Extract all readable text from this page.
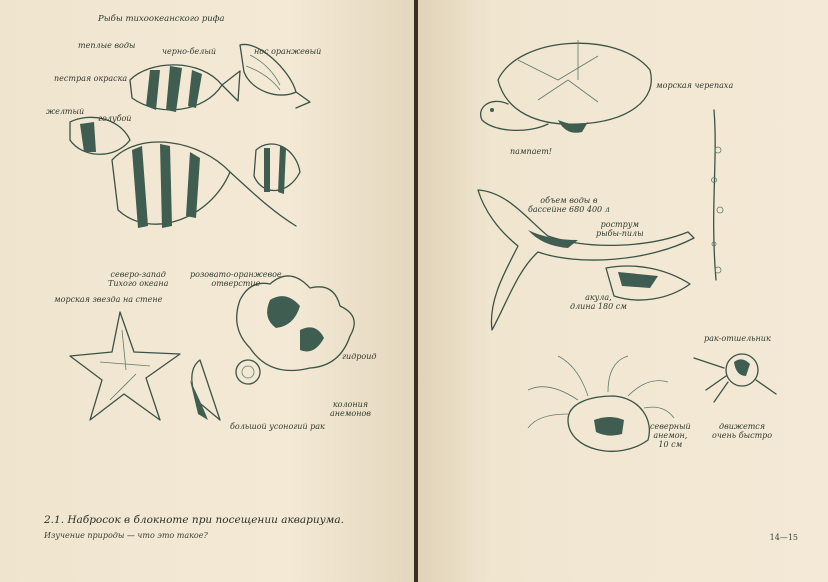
Рыбы тихоокеанского рифа
теплые воды
черно-белый	нос оранжевый
пестрая окраска
желтый
голубой
северо-запад
Тихого океана
розовато-оранжевое
отверстие
морская звезда на стене
гидроид
колония
анемонов
большой усоногий рак
2.1. Набросок в блокноте при посещении аквариума.
Изучение природы — что это такое?
морская черепаха
пампает!
объем воды в
бассейне 680 400 л
рострум
рыбы-пилы
акула,
длина 180 см
рак-отшельник
северный
анемон,
10 см
движется
очень быстро
14—15
